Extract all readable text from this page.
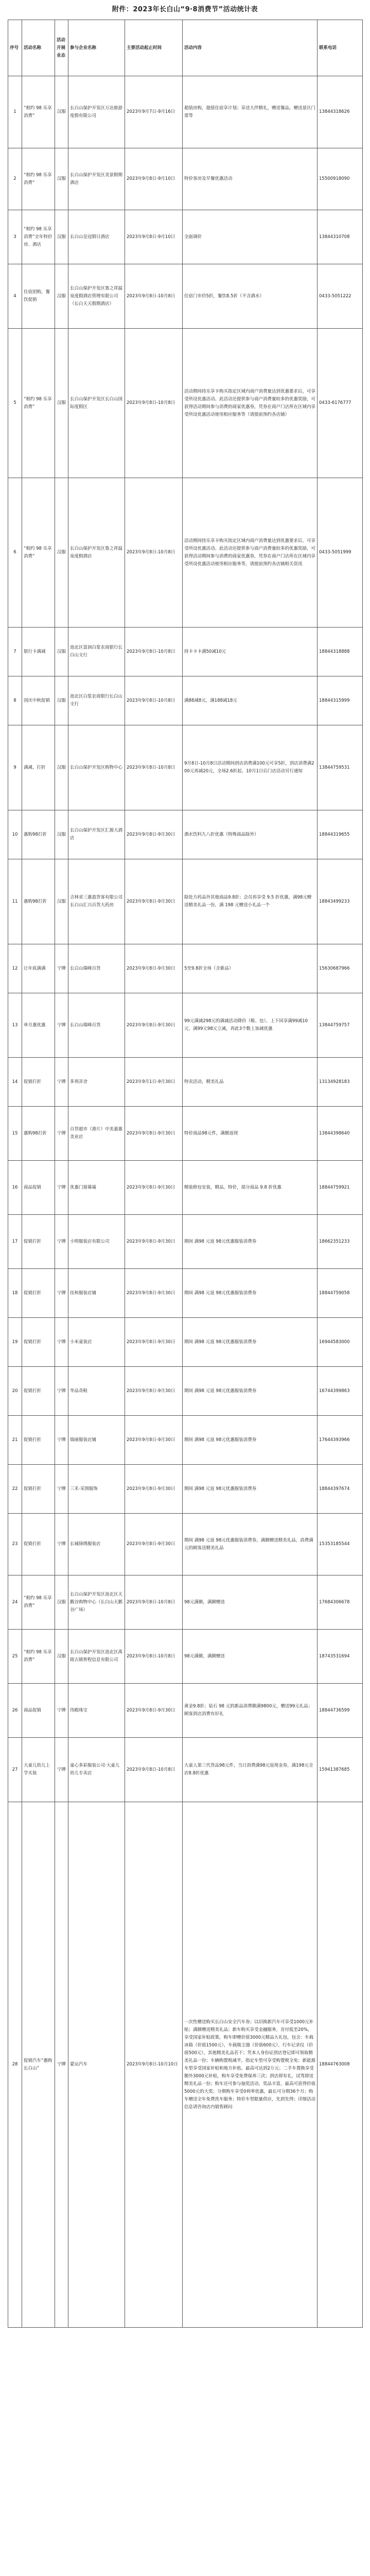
附件：2023年长白山“9·8消费节”活动统计表
序号	活动名称	活动开展业态	参与企业名称	主要活动起止时间	活动内容	联系电话
1	“相约 98 乐享消费”	汉服	长白山保护开发区万达旅游度假有限公司	2023年9月7日-9月16日	超值房购，超值住宿享计划；享送大伴精礼，赠送餐品，赠送景区门票等	13844318626
2	“相约 98 乐享消费”	汉服	长白山保护开发区美景假期酒店	2023年9月8日-9月10日	特价客房及早餐优惠活动	15500918090
3	“相约 98 乐享消费”全年特价房、酒店	汉服	长白山皇冠假日酒店	2023年9月8日-9月10日	全面调价	13844310708
4	住宿团购，餐饮促销	汉服	长白山保护开发区鲁之祥温泉度假酒店管理有限公司（长白天天假期酒店）	2023年9月8日-10月8日	住宿门市价5折，餐饮8.5折（不含酒水）	0433-5051222
5	“相约 98 乐享消费”	汉服	长白山保护开发区长白山国际度假区	2023年9月8日-10月8日	活动期间持乐享卡购买指定区域内商户消费量达到优惠要求后，可享受所设优惠活动。此活动还提供参与商户消费量较多的优惠奖励，可获得活动期间参与消费的商家优惠券，凭券在商户门店所在区域内享受所设优惠活动使用相应服务等（请提前预约各店铺）	0433-6176777
6	“相约 98 乐享消费”	汉服	长白山保护开发区鲁之祥温泉度假酒店	2023年9月8日-10月8日	活动期间持乐享卡购买指定区域内商户消费量达到优惠要求后，可享受所设优惠活动。此活动还提供参与商户消费量较多的优惠奖励，可获得活动期间参与消费的商家优惠券，凭券在商户门店所在区域内享受所设优惠活动使用相应服务等，请提前预约各店铺相关资讯	0433-5051999
7	银行卡满减	汉服	池北区富润白浆农商银行长白山支行	2023年9月8日-10月8日	持卡卡卡满50减10元	18844318888
8	国庆中秋促销	汉服	池北区白浆农商银行长白山支行	2023年9月8日-10月8日	满88减8元，满188减18元	18844315999
9	满减、打折	汉服	长白山保护开发区购物中心	2023年9月8日-10月8日	9月8日-10月8日活动期间到店消费满100元可享5折，到店消费满200元再减20元，全场2.6折起，10月1日后门店活动另行通知	13844759531
10	惠购98打折	汉服	长白山保护开发区汇源大酒店	2023年9月8日-9月30日	酒水饮料九八折优惠（特殊商品除外）	18844319655
11	惠购98打折	汉服	吉林省三惠盈货客有限公司长白山汇兴百货大药房	2023年9月8日-9月30日	除处方药品外其他商品9.8折；会员再享受 9.5 折优惠，满98元赠送精美礼品一份，满 198 元赠送小礼品一个	18843499233
12	让年底满满	宁牌	长白山瑞峰百货	2023年9月8日-9月30日	5至9.8折全场（含新品）	15630687966
13	单月惠优惠	宁牌	长白山瑞峰百货	2023年9月8日-9月30日	99元满减298元的满减活动降价（鞋、包），上下同享满99减10元，满99元98元立减，再此3个数上加减优惠	13844759757
14	促销打折	宁牌	多利弄舍	2023年9月1日-9月30日	特卖活动，精美礼品	13134928183
15	惠购98打折	宁牌	百货超市（港片）中美嘉惠美业店	2023年9月8日-9月30日	特价商品98元件，满额返现	13844398640
16	商品促销	宁牌	优惠门窗幕墙	2023年9月8日-9月30日	精装修包安装，精品，特价，部分商品 9.8 折优惠	18844759921
17	促销打折	宁牌	小明服装店有限公司	2023年9月8日-9月30日	期间 满98 元返 98元优惠服装消费券	18662351233
18	促销打折	宁牌	佳和服装店铺	2023年9月8日-9月30日	期间 满98 元返 98元优惠服装消费券	18844759058
19	促销打折	宁牌	小米童装店	2023年9月8日-9月30日	期间 满98 元返 98元优惠服装消费券	16944583000
20	促销打折	宁牌	华品奇鞋	2023年9月8日-9月30日	期间 满98 元返 98元优惠服装消费券	16744399863
21	促销打折	宁牌	瑞丽服装店铺	2023年9月8日-9月30日	期间 满98 元返 98元优惠服装消费券	17644393966
22	促销打折	宁牌	三禾·采围服饰	2023年9月8日-9月30日	期间 满98 元返 98元优惠服装消费券	18844397674
23	促销打折	宁牌	长城锦绣服装店	2023年9月8日-9月30日	期间 满98 元返 98元优惠服装消费券，满额赠送精美礼品，消费满元的顾客送精美礼品	15353185544
24	“相约 98 乐享消费”	汉服	长白山保护开发区池北区天鹅谷购物中心（长白山天鹅谷广场）	2023年9月8日-10月8日	98元满额，满额赠送	17684306678
25	“相约 98 乐享消费”	汉服	长白山保护开发区池北区禹陵古镇智程信息有限公司	2023年9月8日-10月8日	98元满额，满额赠送	18743531694
26	商品促销	宁牌	伟殿珠宝	2023年9月8日-9月30日	黄金9.8折；钻石 98 元的新品消费额满9800元，赠送99元礼品；顾客到店消费有好礼	18844736599
27	大童儿幼儿上学买装	宁牌	童心多彩服装公司·大童儿幼儿专卖店	2023年9月8日-10月8日	大童人第三代货品98元件，当日消费满98元返现金券，满198元全店8.8折优惠	15941387685
28	促销汽车“惠购长白山”	宁牌	蒙运汽车	2023年9月8日-10月10日	一次性赠送购买长白山安全汽车券；以旧换新汽车可享受1000元补贴；满额赠送精美礼品；新车购买享受金融服务，首付低至20%，享受国家补贴政策，购车即赠价值3000元精品大礼包，包含：车载冰箱（价值1500元），车载吸尘器（价值600元），行车记录仪（价值500元），其他精美礼品若干；凭本人身份证到店登记即可领取精美礼品一份；车辆购置税减半，指定车型可享受购置税全免；新能源车型享受国家补贴和地方补贴，最高可达到2万元；二手车置换享受额外3000元补贴，购车享受免费保养三次；到店即有礼，试驾即送精美礼品一份；购车还可参与抽奖活动，奖品丰富，最高可获得价值5000元的大奖；分期购车享受0利率优惠，最长可分期36个月；购车赠送全年免费洗车服务；特价车型限量供应，先到先得；详细活动信息请咨询店内销售顾问	18844763008
